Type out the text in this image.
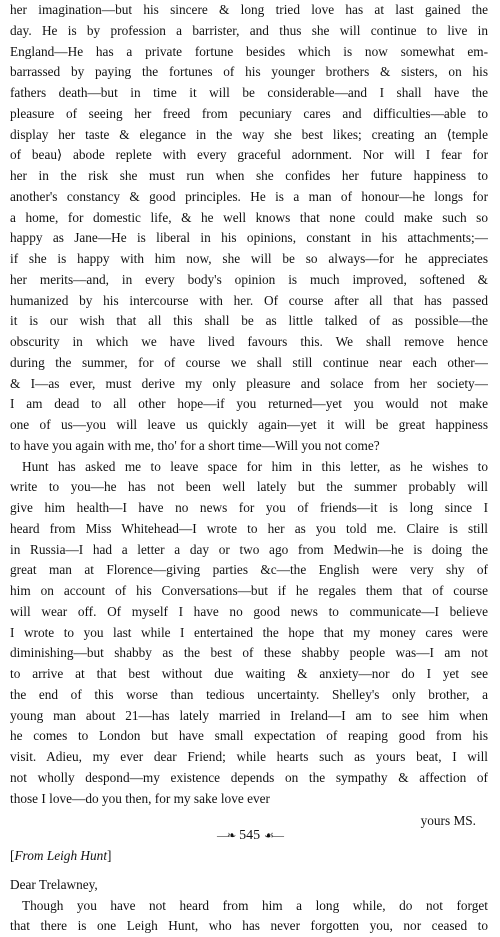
her imagination—but his sincere & long tried love has at last gained the
day. He is by profession a barrister, and thus she will continue to live in
England—He has a private fortune besides which is now somewhat em-
barrassed by paying the fortunes of his younger brothers & sisters, on his
fathers death—but in time it will be considerable—and I shall have the
pleasure of seeing her freed from pecuniary cares and difficulties—able to
display her taste & elegance in the way she best likes; creating an ⟨temple
of beau⟩ abode replete with every graceful adornment. Nor will I fear for
her in the risk she must run when she confides her future happiness to
another's constancy & good principles. He is a man of honour—he longs for
a home, for domestic life, & he well knows that none could make such so
happy as Jane—He is liberal in his opinions, constant in his attachments;—
if she is happy with him now, she will be so always—for he appreciates
her merits—and, in every body's opinion is much improved, softened &
humanized by his intercourse with her. Of course after all that has passed
it is our wish that all this shall be as little talked of as possible—the
obscurity in which we have lived favours this. We shall remove hence
during the summer, for of course we shall still continue near each other—
& I—as ever, must derive my only pleasure and solace from her society—
I am dead to all other hope—if you returned—yet you would not make
one of us—you will leave us quickly again—yet it will be great happiness
to have you again with me, tho' for a short time—Will you not come?
Hunt has asked me to leave space for him in this letter, as he wishes to
write to you—he has not been well lately but the summer probably will
give him health—I have no news for you of friends—it is long since I
heard from Miss Whitehead—I wrote to her as you told me. Claire is still
in Russia—I had a letter a day or two ago from Medwin—he is doing the
great man at Florence—giving parties &c—the English were very shy of
him on account of his Conversations—but if he regales them that of course
will wear off. Of myself I have no good news to communicate—I believe
I wrote to you last while I entertained the hope that my money cares were
diminishing—but shabby as the best of these shabby people was—I am not
to arrive at that best without due waiting & anxiety—nor do I yet see
the end of this worse than tedious uncertainty. Shelley's only brother, a
young man about 21—has lately married in Ireland—I am to see him when
he comes to London but have small expectation of reaping good from his
visit. Adieu, my ever dear Friend; while hearts such as yours beat, I will
not wholly despond—my existence depends on the sympathy & affection of
those I love—do you then, for my sake love ever
yours MS.
[From Leigh Hunt]
Dear Trelawney,
Though you have not heard from him a long while, do not forget
that there is one Leigh Hunt, who has never forgotten you, nor ceased to
—❧ 545 ☙—
